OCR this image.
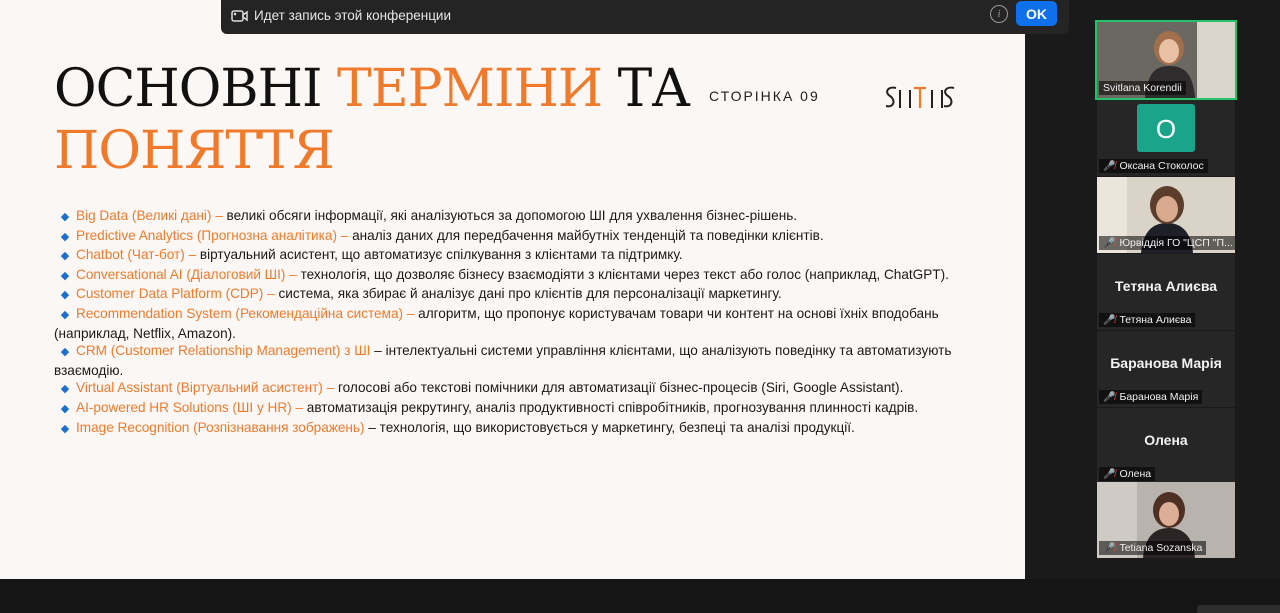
ОСНОВНІ ТЕРМІНИ ТА
ПОНЯТТЯ
СТОРІНКА 09
◆ Big Data (Великі дані) – великі обсяги інформації, які аналізуються за допомогою ШІ для ухвалення бізнес-рішень.
◆ Predictive Analytics (Прогнозна аналітика) – аналіз даних для передбачення майбутніх тенденцій та поведінки клієнтів.
◆ Chatbot (Чат-бот) – віртуальний асистент, що автоматизує спілкування з клієнтами та підтримку.
◆ Conversational AI (Діалоговий ШІ) – технологія, що дозволяє бізнесу взаємодіяти з клієнтами через текст або голос (наприклад, ChatGPT).
◆ Customer Data Platform (CDP) – система, яка збирає й аналізує дані про клієнтів для персоналізації маркетингу.
◆ Recommendation System (Рекомендаційна система) – алгоритм, що пропонує користувачам товари чи контент на основі їхніх вподобань (наприклад, Netflix, Amazon).
◆ CRM (Customer Relationship Management) з ШІ – інтелектуальні системи управління клієнтами, що аналізують поведінку та автоматизують взаємодію.
◆ Virtual Assistant (Віртуальний асистент) – голосові або текстові помічники для автоматизації бізнес-процесів (Siri, Google Assistant).
◆ AI-powered HR Solutions (ШІ у HR) – автоматизація рекрутингу, аналіз продуктивності співробітників, прогнозування плинності кадрів.
◆ Image Recognition (Розпізнавання зображень) – технологія, що використовується у маркетингу, безпеці та аналізі продукції.
Идет запись этой конференции	i	OK
Svitlana Korendii
О
🎤̸ Оксана Стоколос
🎤̸ Юрвіддія ГО "ЦСП "П...
Тетяна Алиєва
🎤̸ Тетяна Алиєва
Баранова Марія
🎤̸ Баранова Марія
Олена
🎤̸ Олена
🎤̸ Tetiana Sozanska
